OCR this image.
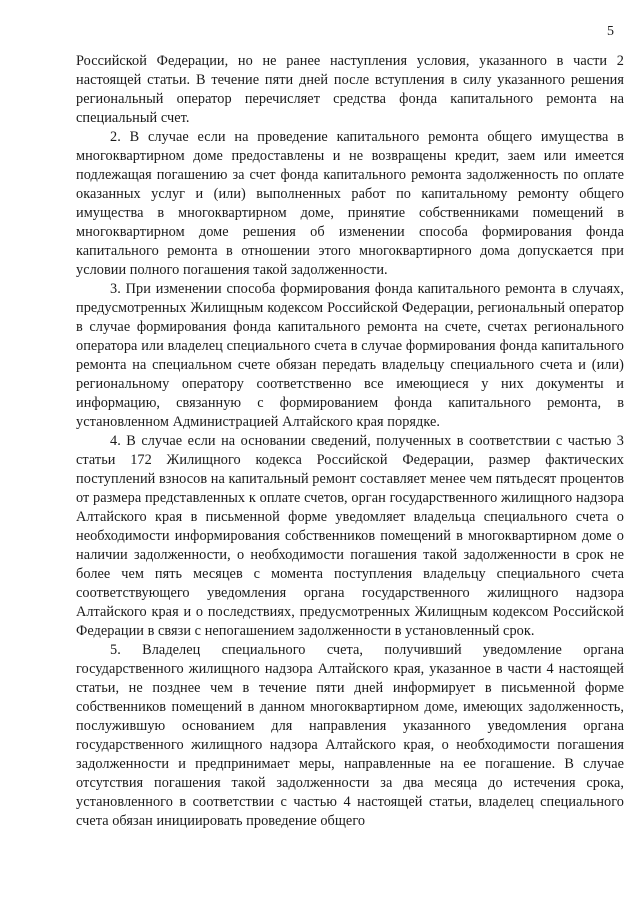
5

Российской Федерации, но не ранее наступления условия, указанного в части 2 настоящей статьи. В течение пяти дней после вступления в силу указанного решения региональный оператор перечисляет средства фонда капитального ремонта на специальный счет.

2. В случае если на проведение капитального ремонта общего имущества в многоквартирном доме предоставлены и не возвращены кредит, заем или имеется подлежащая погашению за счет фонда капитального ремонта задолженность по оплате оказанных услуг и (или) выполненных работ по капитальному ремонту общего имущества в многоквартирном доме, принятие собственниками помещений в многоквартирном доме решения об изменении способа формирования фонда капитального ремонта в отношении этого многоквартирного дома допускается при условии полного погашения такой задолженности.

3. При изменении способа формирования фонда капитального ремонта в случаях, предусмотренных Жилищным кодексом Российской Федерации, региональный оператор в случае формирования фонда капитального ремонта на счете, счетах регионального оператора или владелец специального счета в случае формирования фонда капитального ремонта на специальном счете обязан передать владельцу специального счета и (или) региональному оператору соответственно все имеющиеся у них документы и информацию, связанную с формированием фонда капитального ремонта, в установленном Администрацией Алтайского края порядке.

4. В случае если на основании сведений, полученных в соответствии с частью 3 статьи 172 Жилищного кодекса Российской Федерации, размер фактических поступлений взносов на капитальный ремонт составляет менее чем пятьдесят процентов от размера представленных к оплате счетов, орган государственного жилищного надзора Алтайского края в письменной форме уведомляет владельца специального счета о необходимости информирования собственников помещений в многоквартирном доме о наличии задолженности, о необходимости погашения такой задолженности в срок не более чем пять месяцев с момента поступления владельцу специального счета соответствующего уведомления органа государственного жилищного надзора Алтайского края и о последствиях, предусмотренных Жилищным кодексом Российской Федерации в связи с непогашением задолженности в установленный срок.

5. Владелец специального счета, получивший уведомление органа государственного жилищного надзора Алтайского края, указанное в части 4 настоящей статьи, не позднее чем в течение пяти дней информирует в письменной форме собственников помещений в данном многоквартирном доме, имеющих задолженность, послужившую основанием для направления указанного уведомления органа государственного жилищного надзора Алтайского края, о необходимости погашения задолженности и предпринимает меры, направленные на ее погашение. В случае отсутствия погашения такой задолженности за два месяца до истечения срока, установленного в соответствии с частью 4 настоящей статьи, владелец специального счета обязан инициировать проведение общего
